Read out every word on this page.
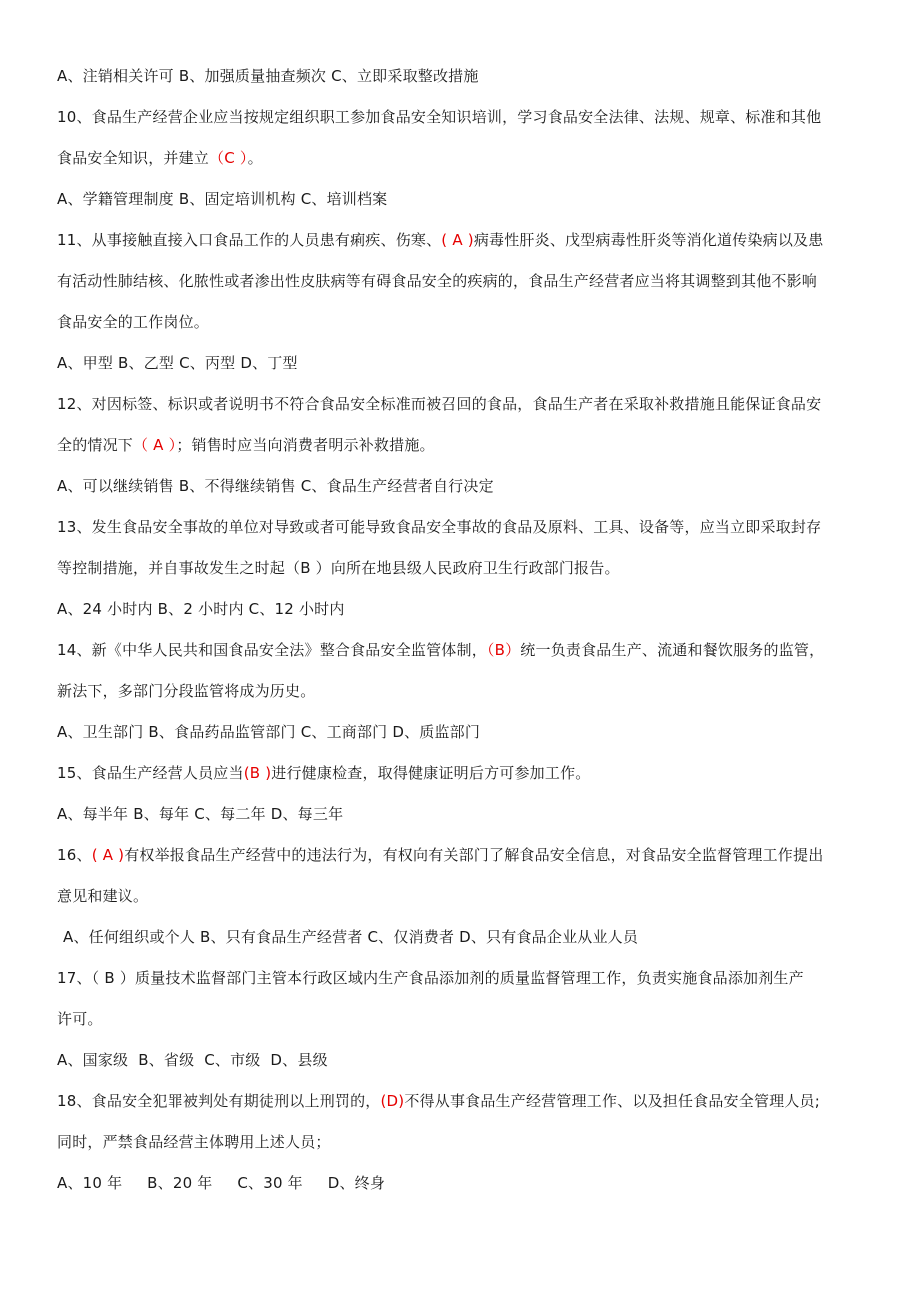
A、注销相关许可 B、加强质量抽查频次 C、立即采取整改措施
10、食品生产经营企业应当按规定组织职工参加食品安全知识培训，学习食品安全法律、法规、规章、标准和其他
食品安全知识，并建立（C ）。
A、学籍管理制度 B、固定培训机构 C、培训档案
11、从事接触直接入口食品工作的人员患有痢疾、伤寒、( A )病毒性肝炎、戊型病毒性肝炎等消化道传染病以及患
有活动性肺结核、化脓性或者渗出性皮肤病等有碍食品安全的疾病的，食品生产经营者应当将其调整到其他不影响
食品安全的工作岗位。
A、甲型 B、乙型 C、丙型 D、丁型
12、对因标签、标识或者说明书不符合食品安全标准而被召回的食品，食品生产者在采取补救措施且能保证食品安
全的情况下（ A ）；销售时应当向消费者明示补救措施。
A、可以继续销售 B、不得继续销售 C、食品生产经营者自行决定
13、发生食品安全事故的单位对导致或者可能导致食品安全事故的食品及原料、工具、设备等，应当立即采取封存
等控制措施，并自事故发生之时起（B ）向所在地县级人民政府卫生行政部门报告。
A、24 小时内 B、2 小时内 C、12 小时内
14、新《中华人民共和国食品安全法》整合食品安全监管体制，（B）统一负责食品生产、流通和餐饮服务的监管，
新法下，多部门分段监管将成为历史。
A、卫生部门 B、食品药品监管部门 C、工商部门 D、质监部门
15、食品生产经营人员应当(B )进行健康检查，取得健康证明后方可参加工作。
A、每半年 B、每年 C、每二年 D、每三年
16、( A )有权举报食品生产经营中的违法行为，有权向有关部门了解食品安全信息，对食品安全监督管理工作提出
意见和建议。
A、任何组织或个人 B、只有食品生产经营者 C、仅消费者 D、只有食品企业从业人员
17、（ B ）质量技术监督部门主管本行政区域内生产食品添加剂的质量监督管理工作，负责实施食品添加剂生产
许可。
A、国家级  B、省级  C、市级  D、县级
18、食品安全犯罪被判处有期徒刑以上刑罚的，(D)不得从事食品生产经营管理工作、以及担任食品安全管理人员;
同时，严禁食品经营主体聘用上述人员；
A、10 年     B、20 年     C、30 年     D、终身
